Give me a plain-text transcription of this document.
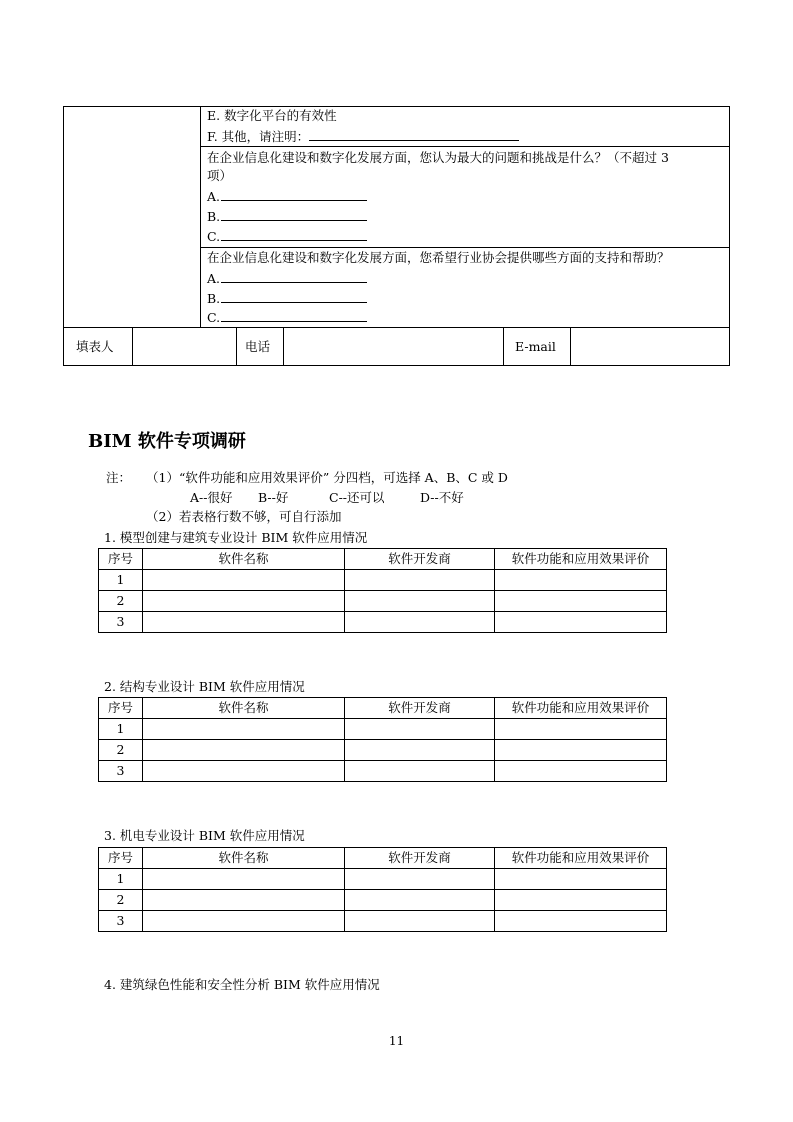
E. 数字化平台的有效性
F. 其他，请注明：
在企业信息化建设和数字化发展方面，您认为最大的问题和挑战是什么？（不超过 3
项）
A.
B.
C.
在企业信息化建设和数字化发展方面，您希望行业协会提供哪些方面的支持和帮助？
A.
B.
C.
填表人	电话	E-mail
BIM 软件专项调研
注： （1）“软件功能和应用效果评价” 分四档，可选择 A、B、C 或 D
A--很好 B--好	C--还可以	D--不好
（2）若表格行数不够，可自行添加
1. 模型创建与建筑专业设计 BIM 软件应用情况
序号	软件名称	软件开发商	软件功能和应用效果评价
1			
2			
3			
2. 结构专业设计 BIM 软件应用情况
序号	软件名称	软件开发商	软件功能和应用效果评价
1			
2			
3			
3. 机电专业设计 BIM 软件应用情况
序号	软件名称	软件开发商	软件功能和应用效果评价
1			
2			
3			
4. 建筑绿色性能和安全性分析 BIM 软件应用情况
11
